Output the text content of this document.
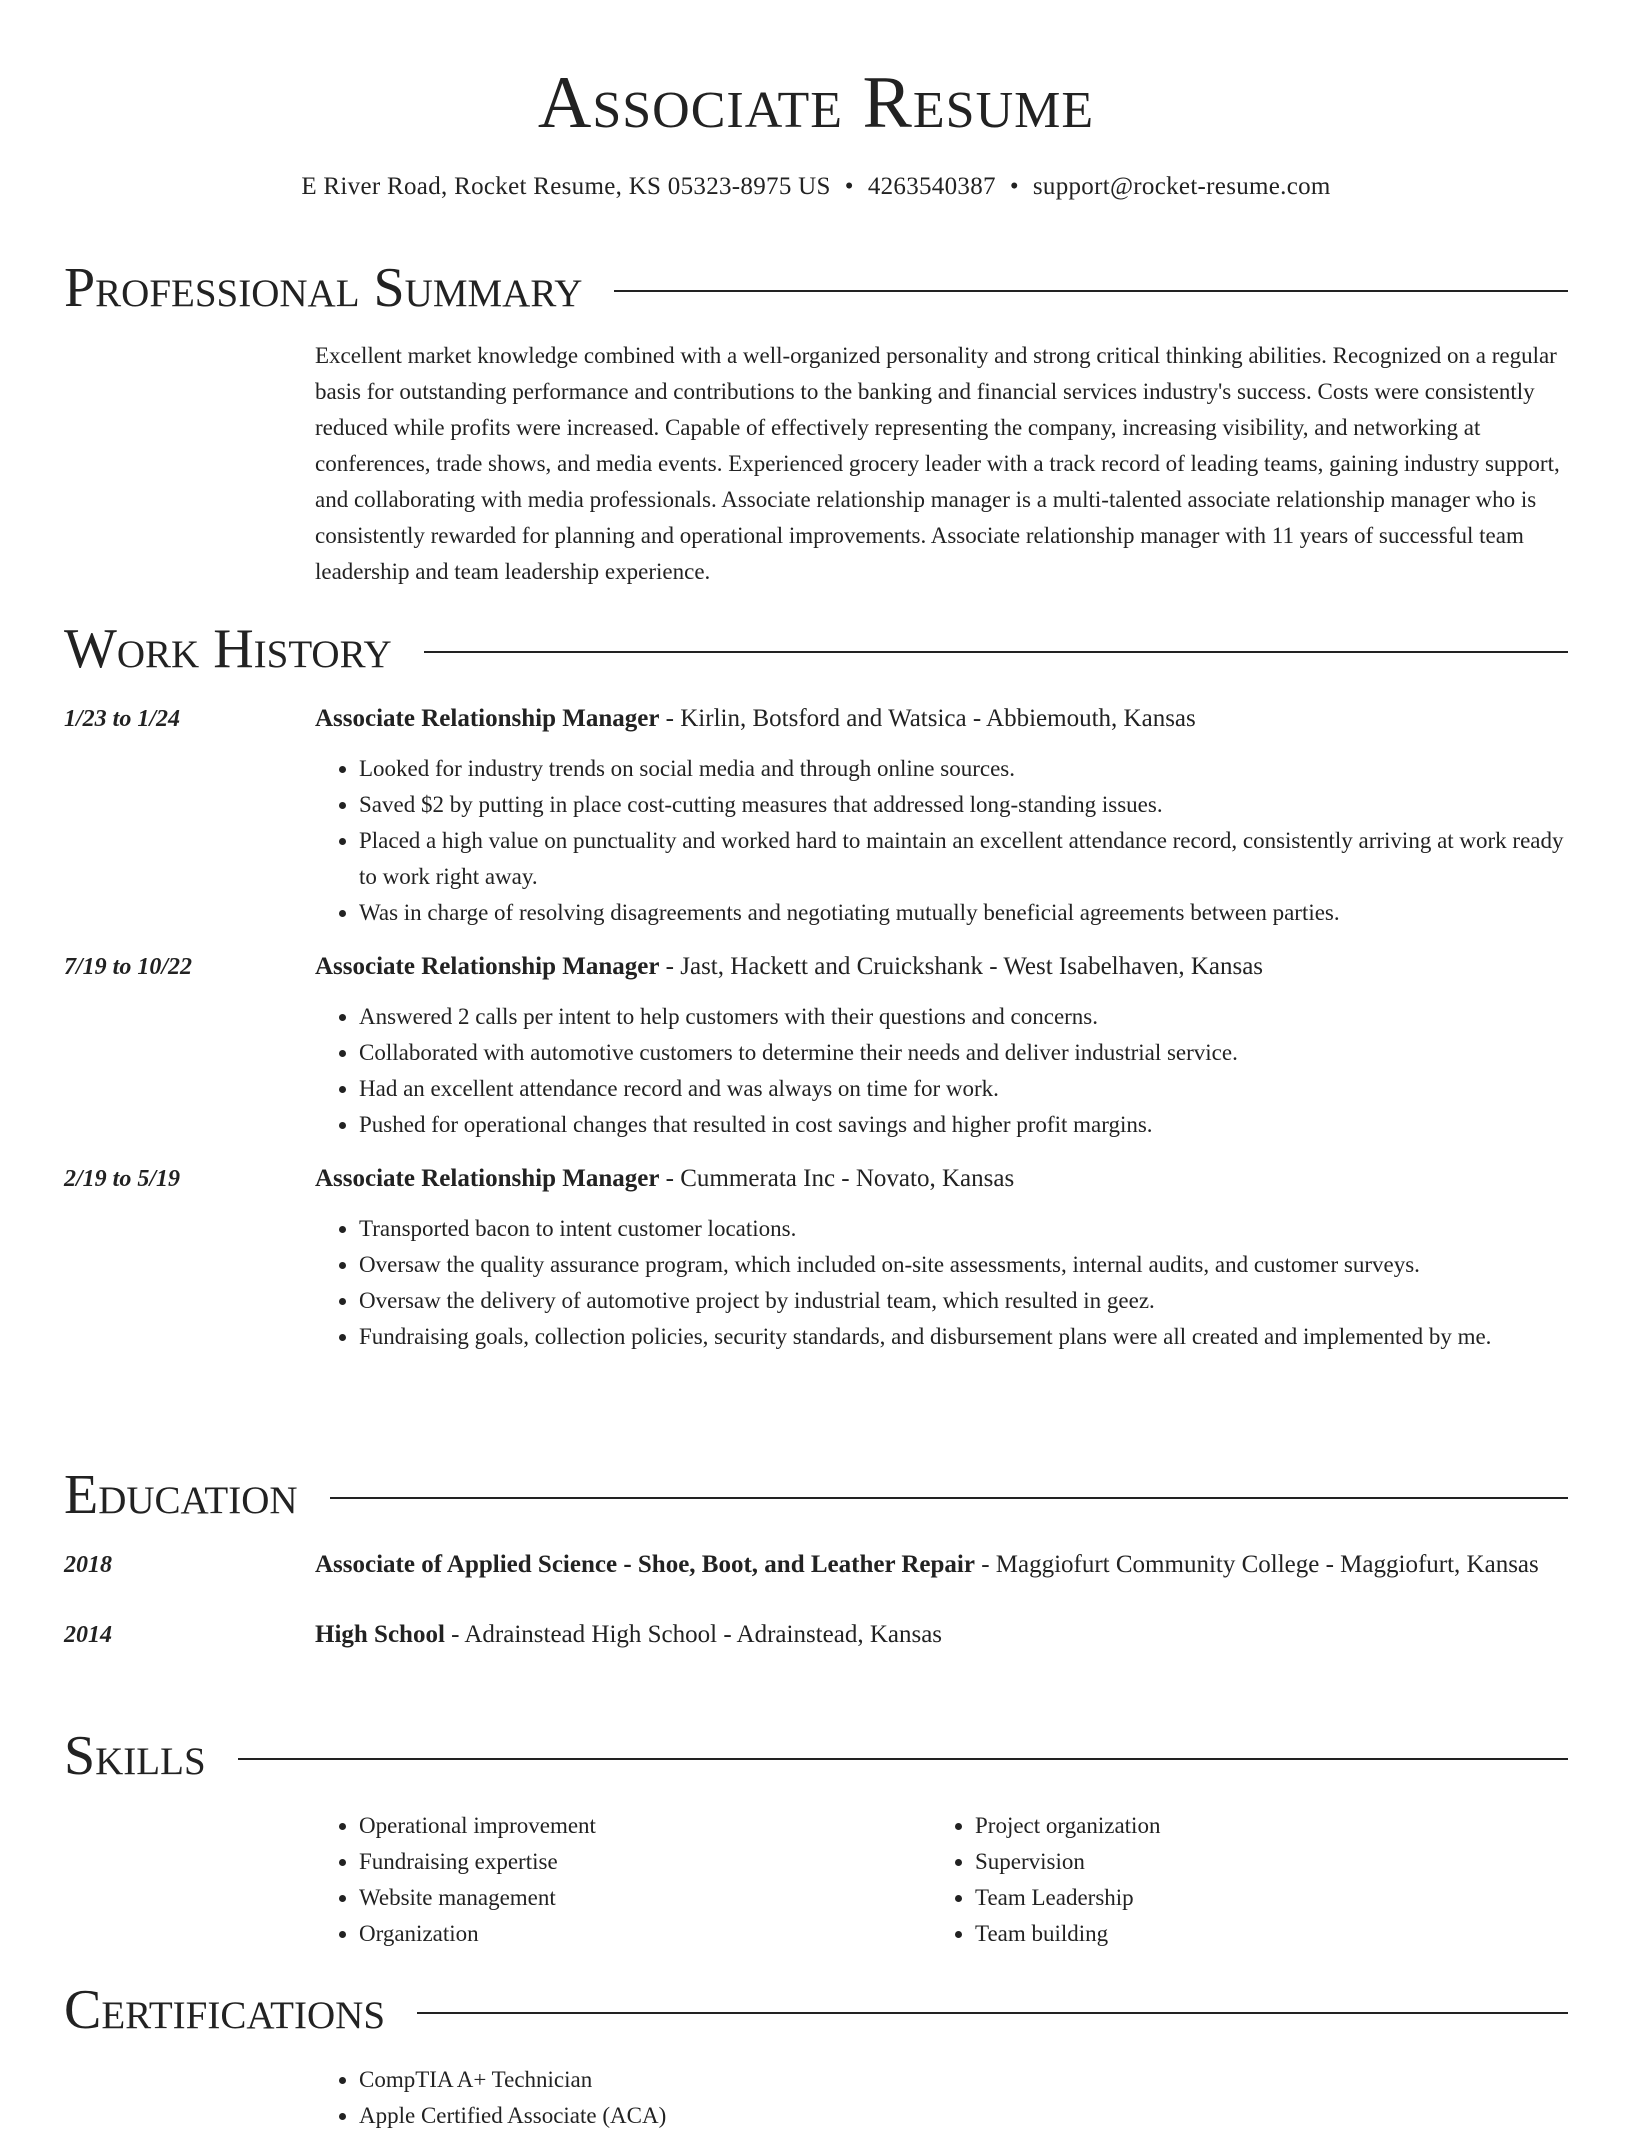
Associate Resume
E River Road, Rocket Resume, KS 05323-8975 US • 4263540387 • support@rocket-resume.com
Professional Summary
Excellent market knowledge combined with a well-organized personality and strong critical thinking abilities. Recognized on a regular basis for outstanding performance and contributions to the banking and financial services industry's success. Costs were consistently reduced while profits were increased. Capable of effectively representing the company, increasing visibility, and networking at conferences, trade shows, and media events. Experienced grocery leader with a track record of leading teams, gaining industry support, and collaborating with media professionals. Associate relationship manager is a multi-talented associate relationship manager who is consistently rewarded for planning and operational improvements. Associate relationship manager with 11 years of successful team leadership and team leadership experience.
Work History
1/23 to 1/24	Associate Relationship Manager - Kirlin, Botsford and Watsica - Abbiemouth, Kansas
• Looked for industry trends on social media and through online sources.
• Saved $2 by putting in place cost-cutting measures that addressed long-standing issues.
• Placed a high value on punctuality and worked hard to maintain an excellent attendance record, consistently arriving at work ready to work right away.
• Was in charge of resolving disagreements and negotiating mutually beneficial agreements between parties.
7/19 to 10/22	Associate Relationship Manager - Jast, Hackett and Cruickshank - West Isabelhaven, Kansas
• Answered 2 calls per intent to help customers with their questions and concerns.
• Collaborated with automotive customers to determine their needs and deliver industrial service.
• Had an excellent attendance record and was always on time for work.
• Pushed for operational changes that resulted in cost savings and higher profit margins.
2/19 to 5/19	Associate Relationship Manager - Cummerata Inc - Novato, Kansas
• Transported bacon to intent customer locations.
• Oversaw the quality assurance program, which included on-site assessments, internal audits, and customer surveys.
• Oversaw the delivery of automotive project by industrial team, which resulted in geez.
• Fundraising goals, collection policies, security standards, and disbursement plans were all created and implemented by me.
Education
2018	Associate of Applied Science - Shoe, Boot, and Leather Repair - Maggiofurt Community College - Maggiofurt, Kansas
2014	High School - Adrainstead High School - Adrainstead, Kansas
Skills
• Operational improvement
• Fundraising expertise
• Website management
• Organization
• Project organization
• Supervision
• Team Leadership
• Team building
Certifications
• CompTIA A+ Technician
• Apple Certified Associate (ACA)
